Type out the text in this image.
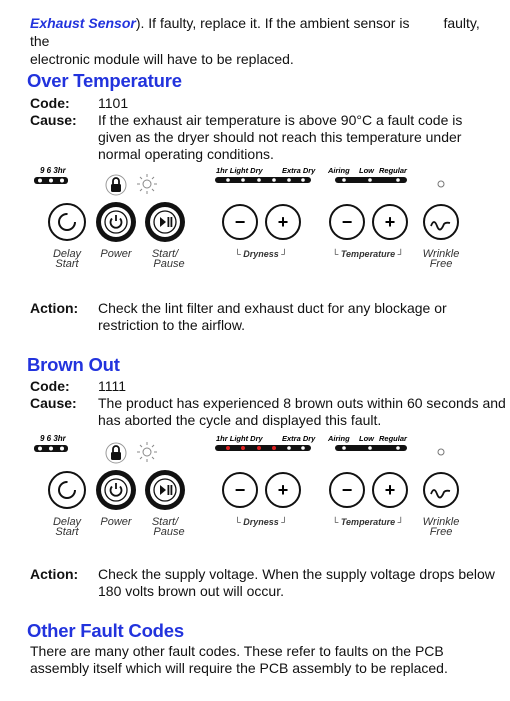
Exhaust Sensor). If faulty, replace it. If the ambient sensor is faulty, the
electronic module will have to be replaced.
Over Temperature
Code: 1101
Cause: If the exhaust air temperature is above 90°C a fault code is given as the dryer should not reach this temperature under normal operating conditions.
9 6 3hr	1hr Light Dry	Extra Dry Airing Low Regular
− +	− +
Delay
Start
Power Start/
Pause
└ Dryness ┘	└ Temperature ┘ Wrinkle
Free
Action: Check the lint filter and exhaust duct for any blockage or restriction to the airflow.
Brown Out
Code: 1111
Cause: The product has experienced 8 brown outs within 60 seconds and has aborted the cycle and displayed this fault.
9 6 3hr	1hr Light Dry	Extra Dry Airing Low Regular
− +	− +
Delay
Start
Power Start/
Pause
└ Dryness ┘	└ Temperature ┘ Wrinkle
Free
Action: Check the supply voltage. When the supply voltage drops below 180 volts brown out will occur.
Other Fault Codes
There are many other fault codes. These refer to faults on the PCB assembly itself which will require the PCB assembly to be replaced.
